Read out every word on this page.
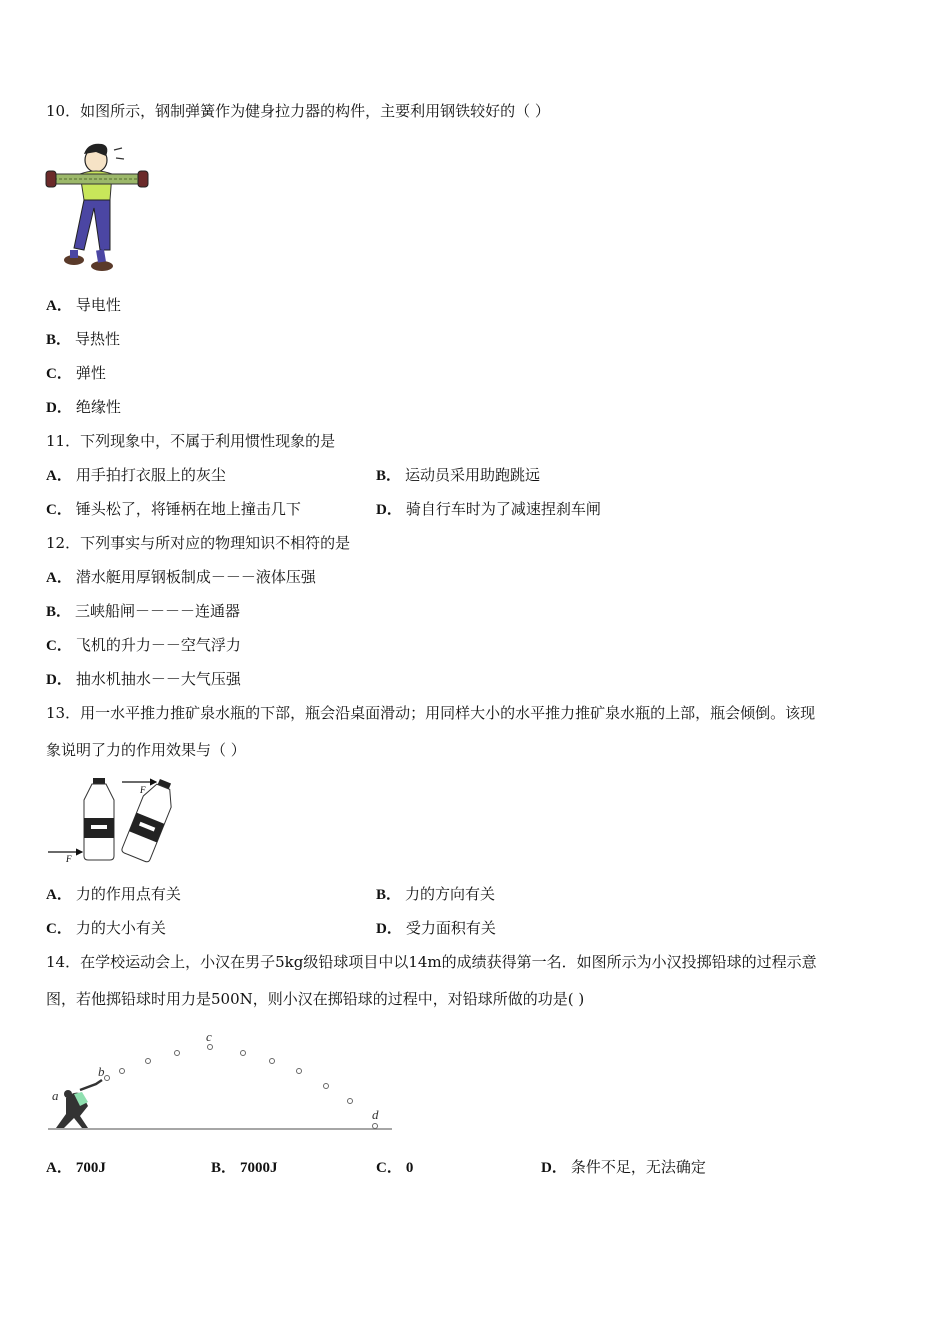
10．如图所示，钢制弹簧作为健身拉力器的构件，主要利用钢铁较好的（ ）
A． 导电性
B． 导热性
C． 弹性
D． 绝缘性
11．下列现象中，不属于利用惯性现象的是
A． 用手拍打衣服上的灰尘	B． 运动员采用助跑跳远
C． 锤头松了，将锤柄在地上撞击几下	D． 骑自行车时为了减速捏刹车闸
12．下列事实与所对应的物理知识不相符的是
A． 潜水艇用厚钢板制成－－－液体压强
B． 三峡船闸－－－－连通器
C． 飞机的升力－－空气浮力
D． 抽水机抽水－－大气压强
13．用一水平推力推矿泉水瓶的下部，瓶会沿桌面滑动；用同样大小的水平推力推矿泉水瓶的上部，瓶会倾倒。该现
象说明了力的作用效果与（ ）
F
F
A． 力的作用点有关	B． 力的方向有关
C． 力的大小有关	D． 受力面积有关
14．在学校运动会上，小汉在男子5kg级铅球项目中以14m的成绩获得第一名．如图所示为小汉投掷铅球的过程示意
图，若他掷铅球时用力是500N，则小汉在掷铅球的过程中，对铅球所做的功是( )
a
b
c
d
A． 700J	B． 7000J	C． 0	D． 条件不足，无法确定
